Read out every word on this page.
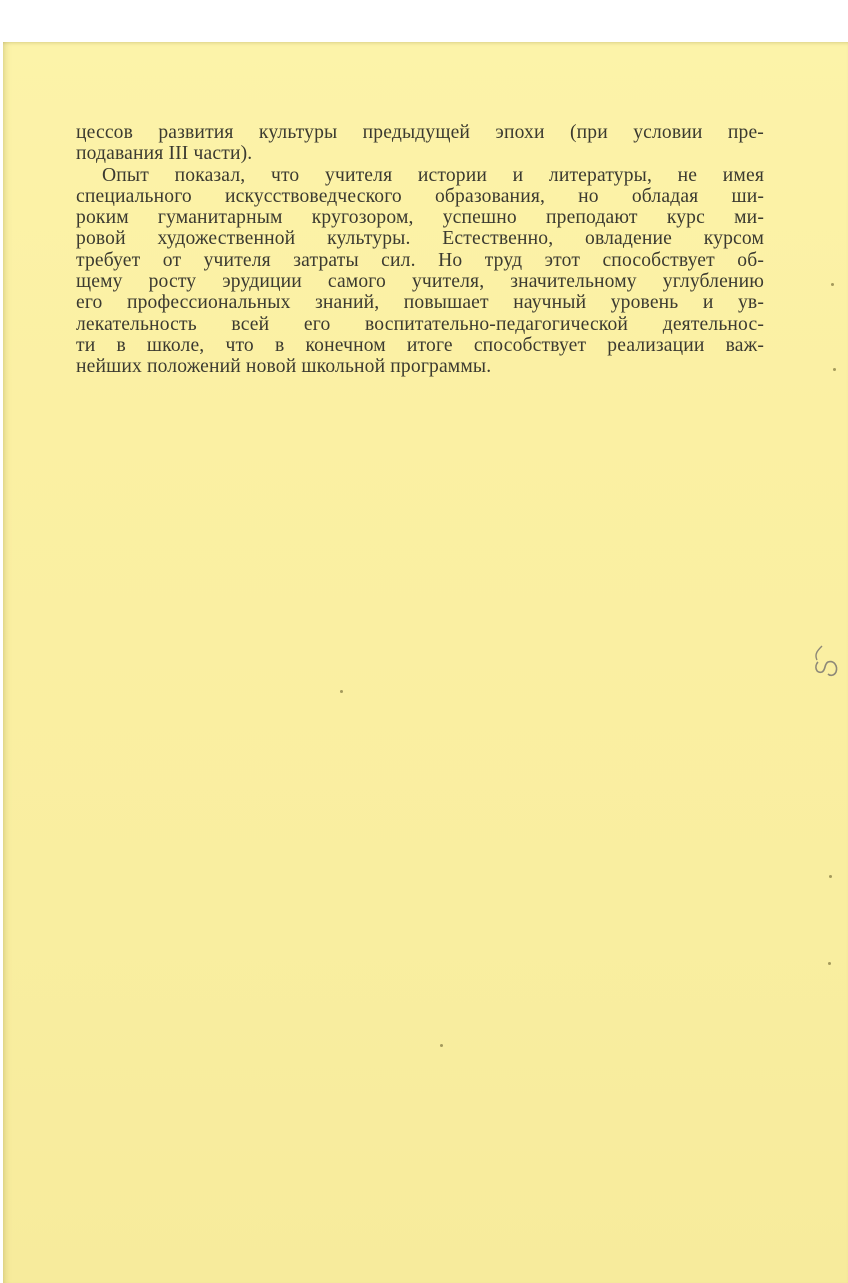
цессов развития культуры предыдущей эпохи (при условии пре-
подавания III части).
Опыт показал, что учителя истории и литературы, не имея
специального искусствоведческого образования, но обладая ши-
роким гуманитарным кругозором, успешно преподают курс ми-
ровой художественной культуры. Естественно, овладение курсом
требует от учителя затраты сил. Но труд этот способствует об-
щему росту эрудиции самого учителя, значительному углублению
его профессиональных знаний, повышает научный уровень и ув-
лекательность всей его воспитательно-педагогической деятельнос-
ти в школе, что в конечном итоге способствует реализации важ-
нейших положений новой школьной программы.
